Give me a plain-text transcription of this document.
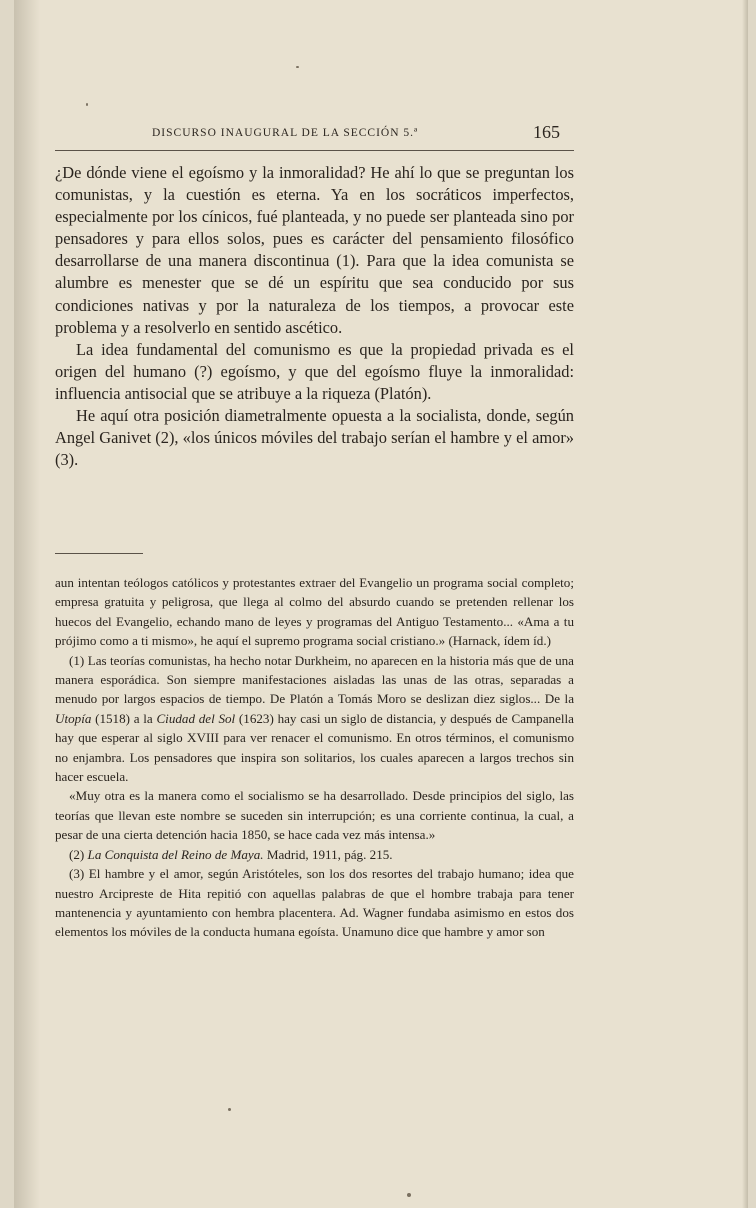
DISCURSO INAUGURAL DE LA SECCIÓN 5.ª	165

¿De dónde viene el egoísmo y la inmoralidad? He ahí lo que se preguntan los comunistas, y la cuestión es eterna. Ya en los socráticos imperfectos, especialmente por los cínicos, fué planteada, y no puede ser planteada sino por pensadores y para ellos solos, pues es carácter del pensamiento filosófico desarrollarse de una manera discontinua (1). Para que la idea comunista se alumbre es menester que se dé un espíritu que sea conducido por sus condiciones nativas y por la naturaleza de los tiempos, a provocar este problema y a resolverlo en sentido ascético.

La idea fundamental del comunismo es que la propiedad privada es el origen del humano (?) egoísmo, y que del egoísmo fluye la inmoralidad: influencia antisocial que se atribuye a la riqueza (Platón).

He aquí otra posición diametralmente opuesta a la socialista, donde, según Angel Ganivet (2), «los únicos móviles del trabajo serían el hambre y el amor» (3).

aun intentan teólogos católicos y protestantes extraer del Evangelio un programa social completo; empresa gratuita y peligrosa, que llega al colmo del absurdo cuando se pretenden rellenar los huecos del Evangelio, echando mano de leyes y programas del Antiguo Testamento... «Ama a tu prójimo como a ti mismo», he aquí el supremo programa social cristiano.» (Harnack, ídem íd.)

(1) Las teorías comunistas, ha hecho notar Durkheim, no aparecen en la historia más que de una manera esporádica. Son siempre manifestaciones aisladas las unas de las otras, separadas a menudo por largos espacios de tiempo. De Platón a Tomás Moro se deslizan diez siglos... De la Utopía (1518) a la Ciudad del Sol (1623) hay casi un siglo de distancia, y después de Campanella hay que esperar al siglo XVIII para ver renacer el comunismo. En otros términos, el comunismo no enjambra. Los pensadores que inspira son solitarios, los cuales aparecen a largos trechos sin hacer escuela.

«Muy otra es la manera como el socialismo se ha desarrollado. Desde principios del siglo, las teorías que llevan este nombre se suceden sin interrupción; es una corriente continua, la cual, a pesar de una cierta detención hacia 1850, se hace cada vez más intensa.»

(2) La Conquista del Reino de Maya. Madrid, 1911, pág. 215.

(3) El hambre y el amor, según Aristóteles, son los dos resortes del trabajo humano; idea que nuestro Arcipreste de Hita repitió con aquellas palabras de que el hombre trabaja para tener mantenencia y ayuntamiento con hembra placentera. Ad. Wagner fundaba asimismo en estos dos elementos los móviles de la conducta humana egoísta. Unamuno dice que hambre y amor son
